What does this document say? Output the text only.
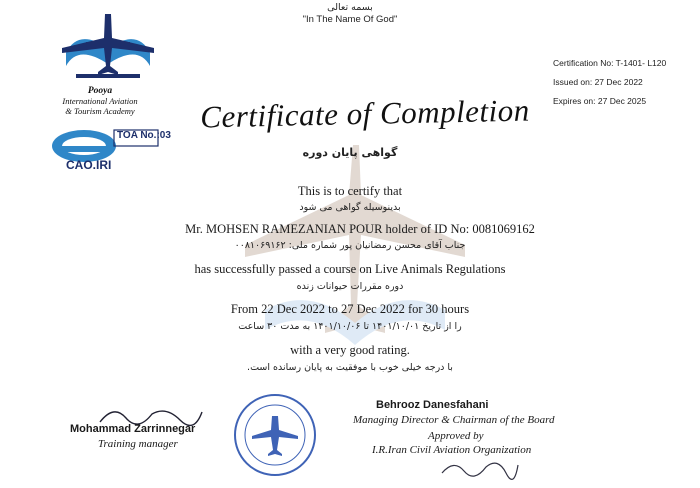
بسمه تعالی
"In The Name Of God"
Pooya
International Aviation
& Tourism Academy
TOA No.:03
CAO.IRI
Certification No: T-1401- L120
Issued on: 27 Dec 2022
Expires on: 27 Dec 2025
Certificate of Completion
گواهی پایان دوره
This is to certify that
بدینوسیله گواهی می شود
Mr. MOHSEN RAMEZANIAN POUR holder of ID No: 0081069162
جناب آقای محسن رمضانیان پور شماره ملی: ۰۰۸۱۰۶۹۱۶۲
has successfully passed a course on Live Animals Regulations
دوره مقررات حیوانات زنده
From 22 Dec 2022 to 27 Dec 2022 for 30 hours
را از تاریخ ۱۴۰۱/۱۰/۰۱ تا ۱۴۰۱/۱۰/۰۶ به مدت ۳۰ ساعت
with a very good rating.
با درجه خیلی خوب با موفقیت به پایان رسانده است.
Mohammad Zarrinnegar
Training manager
Behrooz Danesfahani
Managing Director & Chairman of the Board
Approved by
I.R.Iran Civil Aviation Organization
